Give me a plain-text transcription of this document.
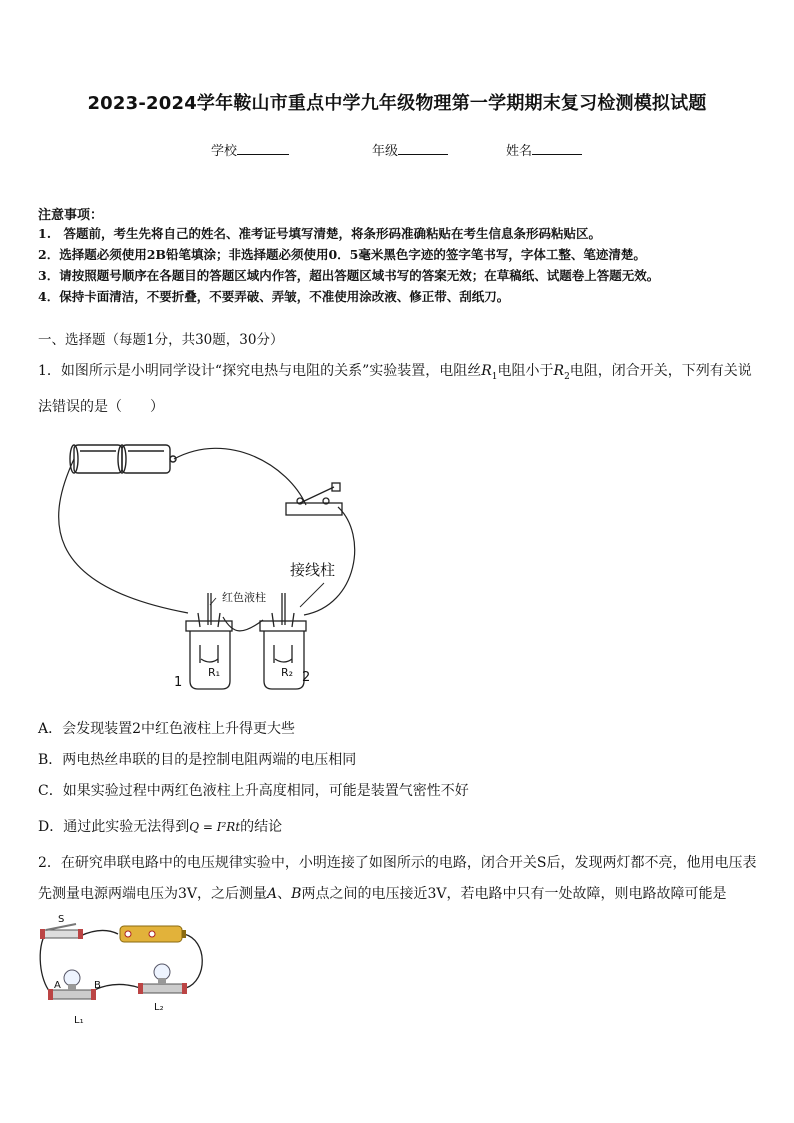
2023-2024学年鞍山市重点中学九年级物理第一学期期末复习检测模拟试题
学校	年级	姓名
注意事项：
1.　答题前，考生先将自己的姓名、准考证号填写清楚，将条形码准确粘贴在考生信息条形码粘贴区。
2．选择题必须使用2B铅笔填涂；非选择题必须使用0．5毫米黑色字迹的签字笔书写，字体工整、笔迹清楚。
3．请按照题号顺序在各题目的答题区域内作答，超出答题区域书写的答案无效；在草稿纸、试题卷上答题无效。
4．保持卡面清洁，不要折叠，不要弄破、弄皱，不准使用涂改液、修正带、刮纸刀。
一、选择题（每题1分，共30题，30分）
1．如图所示是小明同学设计“探究电热与电阻的关系”实验装置，电阻丝$R_1$电阻小于$R_2$电阻，闭合开关，下列有关说
法错误的是（　　）
接线柱
红色液柱
R₁	R₂
1	2
A．会发现装置2中红色液柱上升得更大些
B．两电热丝串联的目的是控制电阻两端的电压相同
C．如果实验过程中两红色液柱上升高度相同，可能是装置气密性不好
D．通过此实验无法得到Q = I²Rt的结论
2．在研究串联电路中的电压规律实验中，小明连接了如图所示的电路，闭合开关S后，发现两灯都不亮，他用电压表
先测量电源两端电压为3V，之后测量A、B两点之间的电压接近3V，若电路中只有一处故障，则电路故障可能是
S
A	B
L₁
L₂
